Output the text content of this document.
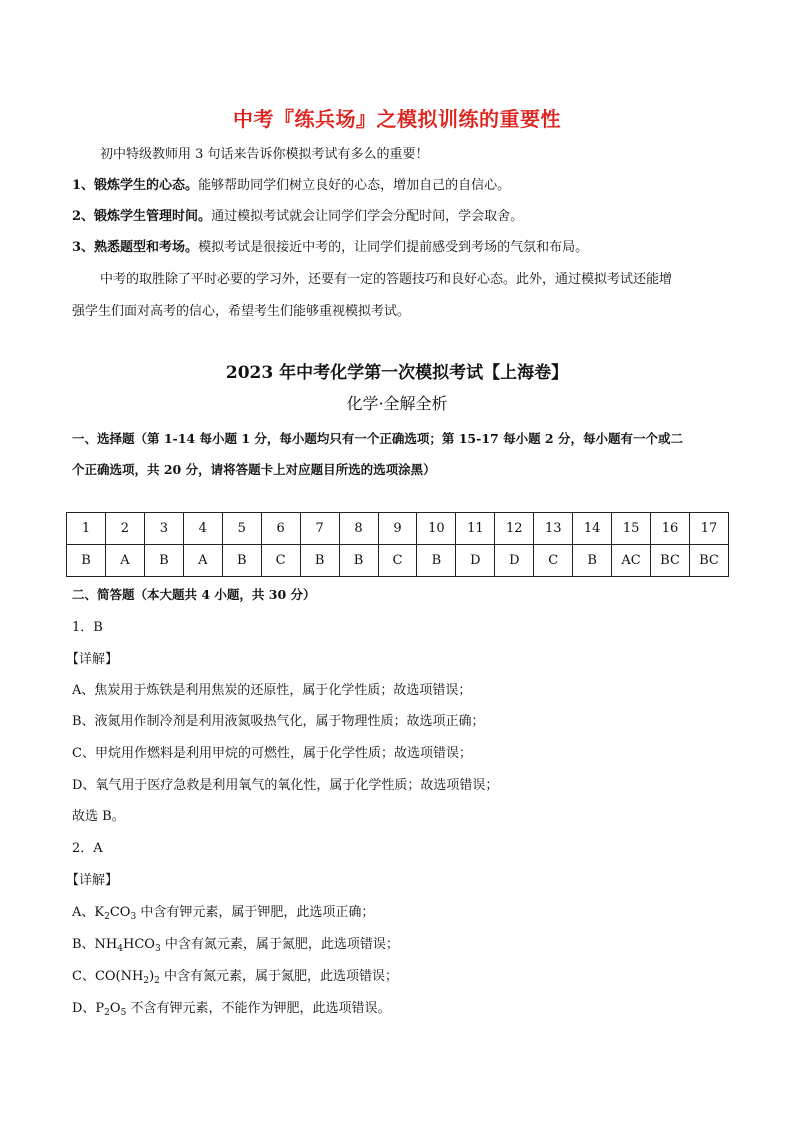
中考『练兵场』之模拟训练的重要性
初中特级教师用 3 句话来告诉你模拟考试有多么的重要！
1、锻炼学生的心态。能够帮助同学们树立良好的心态，增加自己的自信心。
2、锻炼学生管理时间。通过模拟考试就会让同学们学会分配时间，学会取舍。
3、熟悉题型和考场。模拟考试是很接近中考的，让同学们提前感受到考场的气氛和布局。
中考的取胜除了平时必要的学习外，还要有一定的答题技巧和良好心态。此外，通过模拟考试还能增
强学生们面对高考的信心，希望考生们能够重视模拟考试。
2023 年中考化学第一次模拟考试【上海卷】
化学·全解全析
一、选择题（第 1-14 每小题 1 分，每小题均只有一个正确选项；第 15-17 每小题 2 分，每小题有一个或二
个正确选项，共 20 分，请将答题卡上对应题目所选的选项涂黑）
1	2	3	4	5	6	7	8	9	10	11	12	13	14	15	16	17
B	A	B	A	B	C	B	B	C	B	D	D	C	B	AC	BC	BC
二、简答题（本大题共 4 小题，共 30 分）
1．B
【详解】
A、焦炭用于炼铁是利用焦炭的还原性，属于化学性质；故选项错误；
B、液氮用作制冷剂是利用液氮吸热气化，属于物理性质；故选项正确；
C、甲烷用作燃料是利用甲烷的可燃性，属于化学性质；故选项错误；
D、氧气用于医疗急救是利用氧气的氧化性，属于化学性质；故选项错误；
故选 B。
2．A
【详解】
A、$K_2CO_3$ 中含有钾元素，属于钾肥，此选项正确；
B、$NH_4HCO_3$ 中含有氮元素，属于氮肥，此选项错误；
C、$CO(NH_2)_2$ 中含有氮元素，属于氮肥，此选项错误；
D、$P_2O_5$ 不含有钾元素，不能作为钾肥，此选项错误。
